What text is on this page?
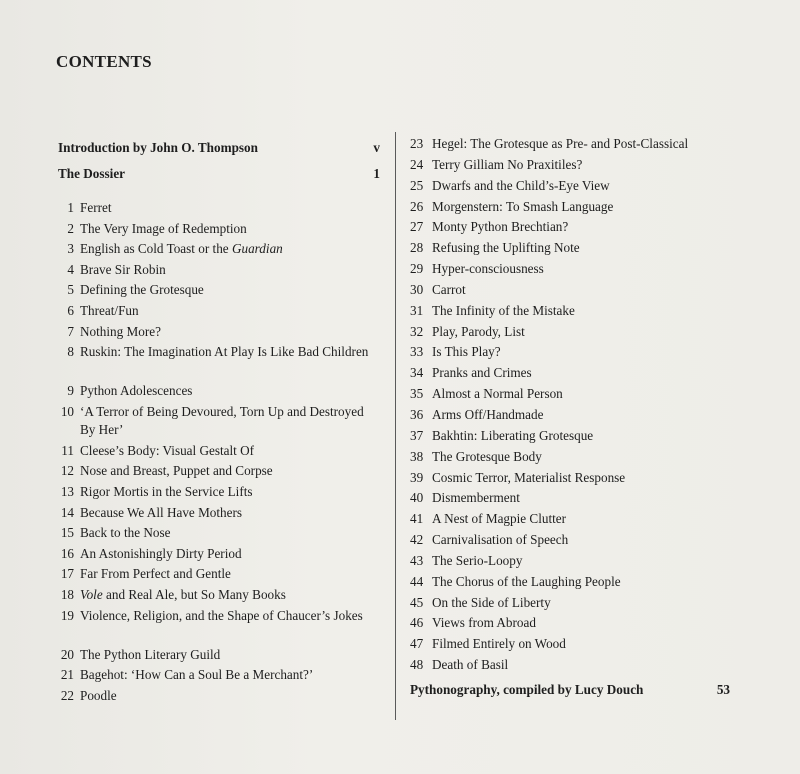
CONTENTS
Introduction by John O. Thompson	v
The Dossier	1
1 Ferret
2 The Very Image of Redemption
3 English as Cold Toast or the Guardian
4 Brave Sir Robin
5 Defining the Grotesque
6 Threat/Fun
7 Nothing More?
8 Ruskin: The Imagination At Play Is Like Bad Children
9 Python Adolescences
10 ‘A Terror of Being Devoured, Torn Up and Destroyed By Her’
11 Cleese’s Body: Visual Gestalt Of
12 Nose and Breast, Puppet and Corpse
13 Rigor Mortis in the Service Lifts
14 Because We All Have Mothers
15 Back to the Nose
16 An Astonishingly Dirty Period
17 Far From Perfect and Gentle
18 Vole and Real Ale, but So Many Books
19 Violence, Religion, and the Shape of Chaucer’s Jokes
20 The Python Literary Guild
21 Bagehot: ‘How Can a Soul Be a Merchant?’
22 Poodle
23 Hegel: The Grotesque as Pre- and Post-Classical
24 Terry Gilliam No Praxitiles?
25 Dwarfs and the Child’s-Eye View
26 Morgenstern: To Smash Language
27 Monty Python Brechtian?
28 Refusing the Uplifting Note
29 Hyper-consciousness
30 Carrot
31 The Infinity of the Mistake
32 Play, Parody, List
33 Is This Play?
34 Pranks and Crimes
35 Almost a Normal Person
36 Arms Off/Handmade
37 Bakhtin: Liberating Grotesque
38 The Grotesque Body
39 Cosmic Terror, Materialist Response
40 Dismemberment
41 A Nest of Magpie Clutter
42 Carnivalisation of Speech
43 The Serio-Loopy
44 The Chorus of the Laughing People
45 On the Side of Liberty
46 Views from Abroad
47 Filmed Entirely on Wood
48 Death of Basil
Pythonography, compiled by Lucy Douch	53
